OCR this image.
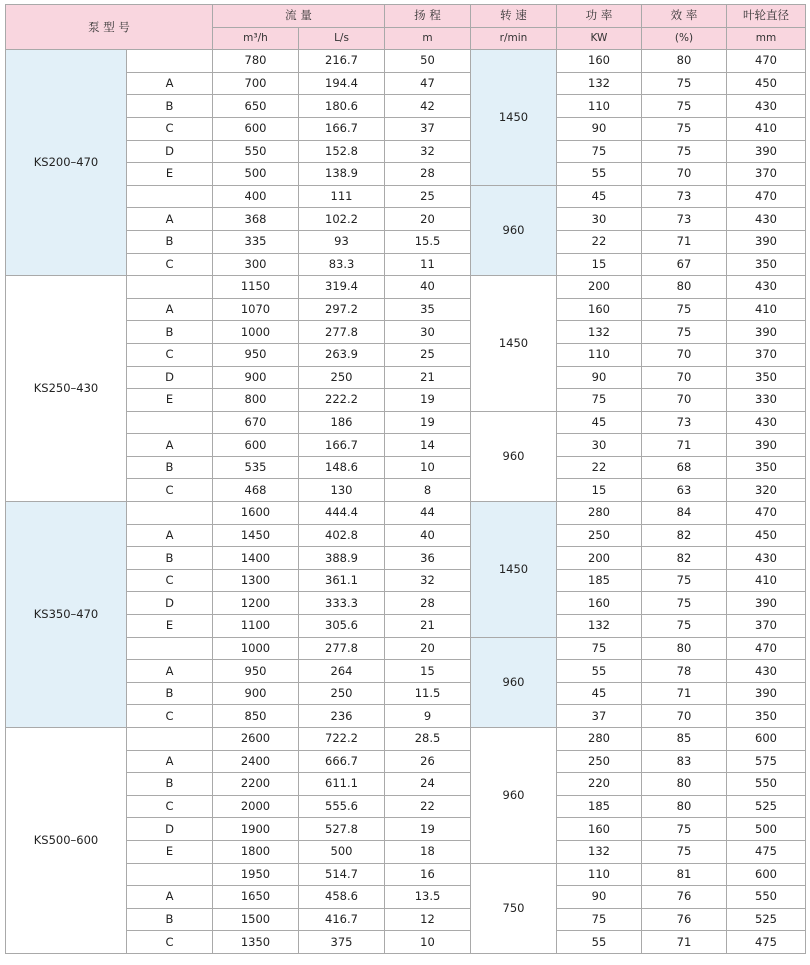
泵 型 号		流 量		扬 程	转 速	功 率	效 率	叶轮直径
		m³/h	L/s	m	r/min	KW	(%)	mm
KS200–470		780	216.7	50	1450	160	80	470
	A	700	194.4	47		132	75	450
	B	650	180.6	42		110	75	430
	C	600	166.7	37		90	75	410
	D	550	152.8	32		75	75	390
	E	500	138.9	28		55	70	370
		400	111	25	960	45	73	470
	A	368	102.2	20		30	73	430
	B	335	93	15.5		22	71	390
	C	300	83.3	11		15	67	350
KS250–430		1150	319.4	40	1450	200	80	430
	A	1070	297.2	35		160	75	410
	B	1000	277.8	30		132	75	390
	C	950	263.9	25		110	70	370
	D	900	250	21		90	70	350
	E	800	222.2	19		75	70	330
		670	186	19	960	45	73	430
	A	600	166.7	14		30	71	390
	B	535	148.6	10		22	68	350
	C	468	130	8		15	63	320
KS350–470		1600	444.4	44	1450	280	84	470
	A	1450	402.8	40		250	82	450
	B	1400	388.9	36		200	82	430
	C	1300	361.1	32		185	75	410
	D	1200	333.3	28		160	75	390
	E	1100	305.6	21		132	75	370
		1000	277.8	20	960	75	80	470
	A	950	264	15		55	78	430
	B	900	250	11.5		45	71	390
	C	850	236	9		37	70	350
KS500–600		2600	722.2	28.5	960	280	85	600
	A	2400	666.7	26		250	83	575
	B	2200	611.1	24		220	80	550
	C	2000	555.6	22		185	80	525
	D	1900	527.8	19		160	75	500
	E	1800	500	18		132	75	475
		1950	514.7	16	750	110	81	600
	A	1650	458.6	13.5		90	76	550
	B	1500	416.7	12		75	76	525
	C	1350	375	10		55	71	475
